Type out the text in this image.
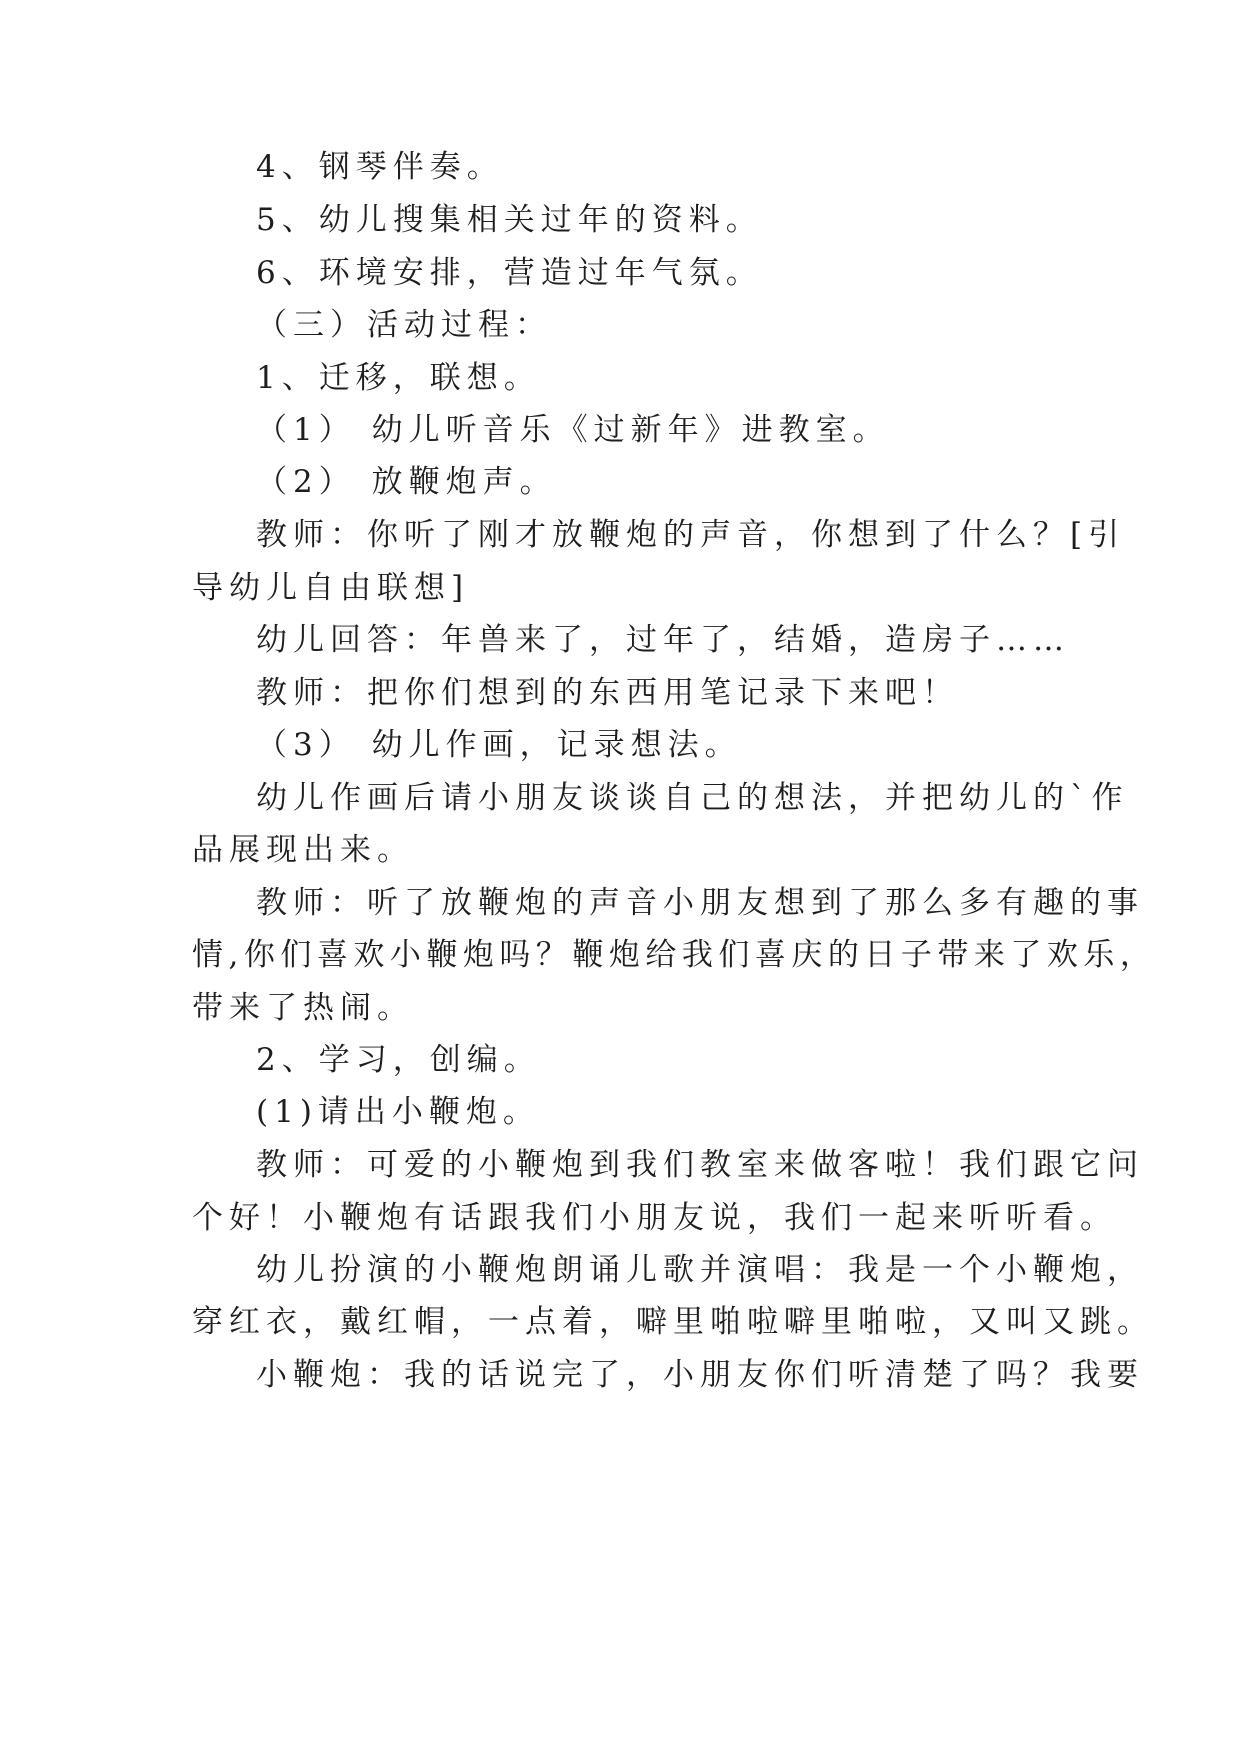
4、钢琴伴奏。
5、幼儿搜集相关过年的资料。
6、环境安排，营造过年气氛。
（三）活动过程：
1、迁移，联想。
（1） 幼儿听音乐《过新年》进教室。
（2） 放鞭炮声。
教师：你听了刚才放鞭炮的声音，你想到了什么？[引
导幼儿自由联想]
幼儿回答：年兽来了，过年了，结婚，造房子……
教师：把你们想到的东西用笔记录下来吧！
（3） 幼儿作画，记录想法。
幼儿作画后请小朋友谈谈自己的想法，并把幼儿的`作
品展现出来。
教师：听了放鞭炮的声音小朋友想到了那么多有趣的事
情,你们喜欢小鞭炮吗？鞭炮给我们喜庆的日子带来了欢乐，
带来了热闹。
2、学习，创编。
(1)请出小鞭炮。
教师：可爱的小鞭炮到我们教室来做客啦！我们跟它问
个好！小鞭炮有话跟我们小朋友说，我们一起来听听看。
幼儿扮演的小鞭炮朗诵儿歌并演唱：我是一个小鞭炮，
穿红衣，戴红帽，一点着，噼里啪啦噼里啪啦，又叫又跳。
小鞭炮：我的话说完了，小朋友你们听清楚了吗？我要
